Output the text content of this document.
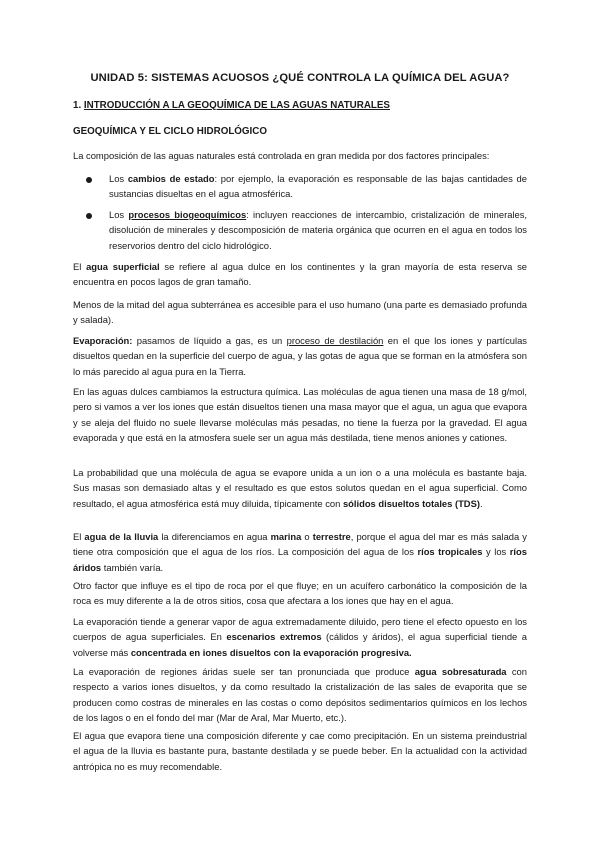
UNIDAD 5: SISTEMAS ACUOSOS ¿QUÉ CONTROLA LA QUÍMICA DEL AGUA?
1. INTRODUCCIÓN A LA GEOQUÍMICA DE LAS AGUAS NATURALES
GEOQUÍMICA Y EL CICLO HIDROLÓGICO

La composición de las aguas naturales está controlada en gran medida por dos factores principales:

Los cambios de estado: por ejemplo, la evaporación es responsable de las bajas cantidades de sustancias disueltas en el agua atmosférica.

Los procesos biogeoquímicos: incluyen reacciones de intercambio, cristalización de minerales, disolución de minerales y descomposición de materia orgánica que ocurren en el agua en todos los reservorios dentro del ciclo hidrológico.

El agua superficial se refiere al agua dulce en los continentes y la gran mayoría de esta reserva se encuentra en pocos lagos de gran tamaño.

Menos de la mitad del agua subterránea es accesible para el uso humano (una parte es demasiado profunda y salada).

Evaporación: pasamos de líquido a gas, es un proceso de destilación en el que los iones y partículas disueltos quedan en la superficie del cuerpo de agua, y las gotas de agua que se forman en la atmósfera son lo más parecido al agua pura en la Tierra.

En las aguas dulces cambiamos la estructura química. Las moléculas de agua tienen una masa de 18 g/mol, pero si vamos a ver los iones que están disueltos tienen una masa mayor que el agua, un agua que evapora y se aleja del fluido no suele llevarse moléculas más pesadas, no tiene la fuerza por la gravedad. El agua evaporada y que está en la atmosfera suele ser un agua más destilada, tiene menos aniones y cationes.

La probabilidad que una molécula de agua se evapore unida a un ion o a una molécula es bastante baja. Sus masas son demasiado altas y el resultado es que estos solutos quedan en el agua superficial. Como resultado, el agua atmosférica está muy diluida, típicamente con sólidos disueltos totales (TDS).

El agua de la lluvia la diferenciamos en agua marina o terrestre, porque el agua del mar es más salada y tiene otra composición que el agua de los ríos. La composición del agua de los ríos tropicales y los ríos áridos también varía.

Otro factor que influye es el tipo de roca por el que fluye; en un acuífero carbonático la composición de la roca es muy diferente a la de otros sitios, cosa que afectara a los iones que hay en el agua.

La evaporación tiende a generar vapor de agua extremadamente diluido, pero tiene el efecto opuesto en los cuerpos de agua superficiales. En escenarios extremos (cálidos y áridos), el agua superficial tiende a volverse más concentrada en iones disueltos con la evaporación progresiva.

La evaporación de regiones áridas suele ser tan pronunciada que produce agua sobresaturada con respecto a varios iones disueltos, y da como resultado la cristalización de las sales de evaporita que se producen como costras de minerales en las costas o como depósitos sedimentarios químicos en los lechos de los lagos o en el fondo del mar (Mar de Aral, Mar Muerto, etc.).

El agua que evapora tiene una composición diferente y cae como precipitación. En un sistema preindustrial el agua de la lluvia es bastante pura, bastante destilada y se puede beber. En la actualidad con la actividad antrópica no es muy recomendable.
